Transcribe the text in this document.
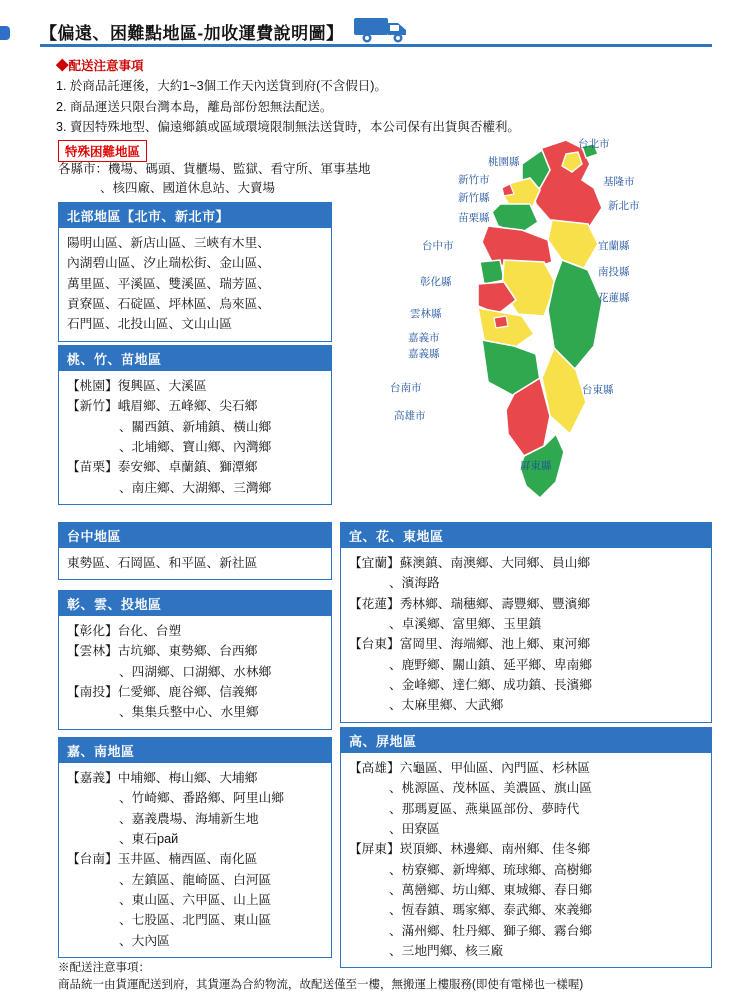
【偏遠、困難點地區-加收運費說明圖】
◆配送注意事項
1. 於商品託運後，大約1~3個工作天內送貨到府(不含假日)。
2. 商品運送只限台灣本島，離島部份恕無法配送。
3. 賣因特殊地型、偏遠鄉鎮或區域環境限制無法送貨時，本公司保有出貨與否權利。
特殊困難地區
各縣市：機場、碼頭、貨櫃場、監獄、看守所、軍事基地
、核四廠、國道休息站、大賣場
台北市
桃園縣
新竹市	基隆市
新竹縣
新北市
苗栗縣
台中市	宜蘭縣
彰化縣
南投縣
花蓮縣
雲林縣
嘉義市
嘉義縣
台南市	台東縣
高雄市
屏東縣
北部地區【北市、新北市】
陽明山區、新店山區、三峽有木里、
內湖碧山區、汐止瑞松街、金山區、
萬里區、平溪區、雙溪區、瑞芳區、
貢寮區、石碇區、坪林區、烏來區、
石門區、北投山區、文山山區
桃、竹、苗地區
【桃園】 復興區、大溪區
【新竹】 峨眉鄉、五峰鄉、尖石鄉
、關西鎮、新埔鎮、橫山鄉
、北埔鄉、寶山鄉、內灣鄉
【苗栗】 泰安鄉、卓蘭鎮、獅潭鄉
、南庄鄉、大湖鄉、三灣鄉
台中地區
東勢區、石岡區、和平區、新社區
彰、雲、投地區
【彰化】 台化、台塑
【雲林】 古坑鄉、東勢鄉、台西鄉
、四湖鄉、口湖鄉、水林鄉
【南投】 仁愛鄉、鹿谷鄉、信義鄉
、集集兵整中心、水里鄉
嘉、南地區
【嘉義】 中埔鄉、梅山鄉、大埔鄉
、竹崎鄉、番路鄉、阿里山鄉
、嘉義農場、海埔新生地
、東石рай
【台南】 玉井區、楠西區、南化區
、左鎮區、龍崎區、白河區
、東山區、六甲區、山上區
、七股區、北門區、東山區
、大內區
宜、花、東地區
【宜蘭】 蘇澳鎮、南澳鄉、大同鄉、員山鄉
、濱海路
【花蓮】 秀林鄉、瑞穗鄉、壽豐鄉、豐濱鄉
、卓溪鄉、富里鄉、玉里鎮
【台東】 富岡里、海端鄉、池上鄉、東河鄉
、鹿野鄉、關山鎮、延平鄉、卑南鄉
、金峰鄉、達仁鄉、成功鎮、長濱鄉
、太麻里鄉、大武鄉
高、屏地區
【高雄】 六龜區、甲仙區、內門區、杉林區
、桃源區、茂林區、美濃區、旗山區
、那瑪夏區、燕巢區部份、夢時代
、田寮區
【屏東】 崁頂鄉、林邊鄉、南州鄉、佳冬鄉
、枋寮鄉、新埤鄉、琉球鄉、高樹鄉
、萬巒鄉、坊山鄉、東城鄉、春日鄉
、恆春鎮、瑪家鄉、泰武鄉、來義鄉
、滿州鄉、牡丹鄉、獅子鄉、霧台鄉
、三地門鄉、核三廠
※配送注意事項：
商品統一由貨運配送到府，其貨運為合約物流，故配送僅至一樓，無搬運上樓服務(即使有電梯也一樣喔)
